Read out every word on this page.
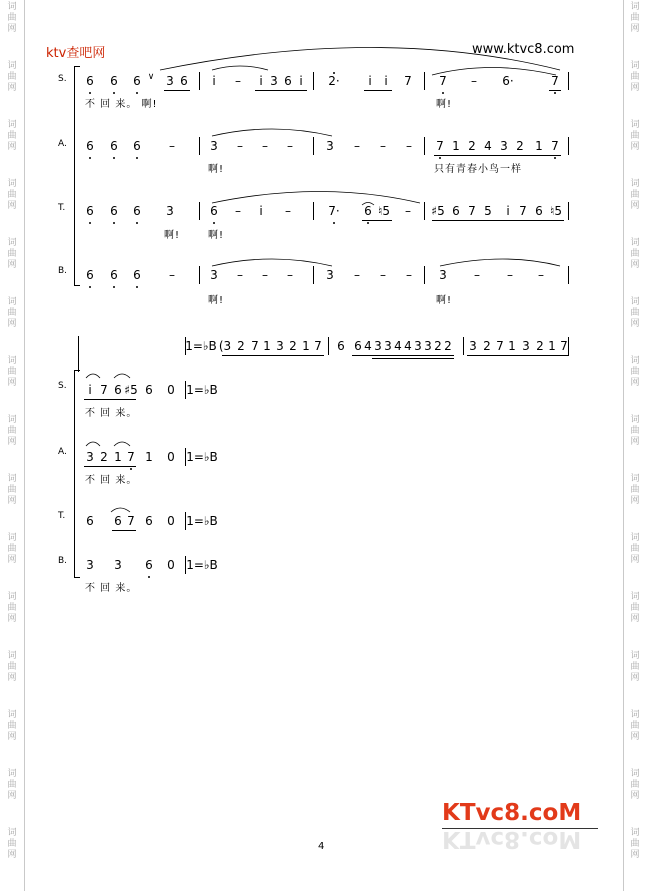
词
曲
网
词
曲
网
词
曲
网
词
曲
网
词
曲
网
词
曲
网
词
曲
网
词
曲
网
词
曲
网
词
曲
网
词
曲
网
词
曲
网
词
曲
网
词
曲
网
词
曲
网
词
曲
网
词
曲
网
词
曲
网
词
曲
网
词
曲
网
词
曲
网
词
曲
网
词
曲
网
词
曲
网
词
曲
网
词
曲
网
词
曲
网
词
曲
网
词
曲
网
词
曲
网
ktv查吧网	www.ktvc8.com
S.
A.
T.
B.
6 6 6 ∨ 3 6 i – i 3 6 i 2· i i 7 7 – 6·	7
不 回 来。 啊!	啊!
6 6 6 –	3 – – –	3 – – – 7 1 2 4 3 2 1 7
啊!	只有青春小鸟一样
6 6 6 3	6 – i –	7· 6 ♮5 – ♯5 6 7 5 i 7 6 ♮5
啊!	啊!
6 6 6 –	3 – – –	3 – – – 3 – – –
啊!	啊!
1=♭B (3 2 7 1 3 2 1 7 6 6 4 3 3 4 4 3 3 2 2 3 2 7 1 3 2 1 7
S.
A.
T.
B.
i 7 6 ♯5 6 0 1=♭B
不 回 来。
3 2 1 7 1 0 1=♭B
不 回 来。
6 6 7 6 0 1=♭B
3 3 6 0 1=♭B
不 回 来。
KTvc8.coM
KTvc8.coM
4
